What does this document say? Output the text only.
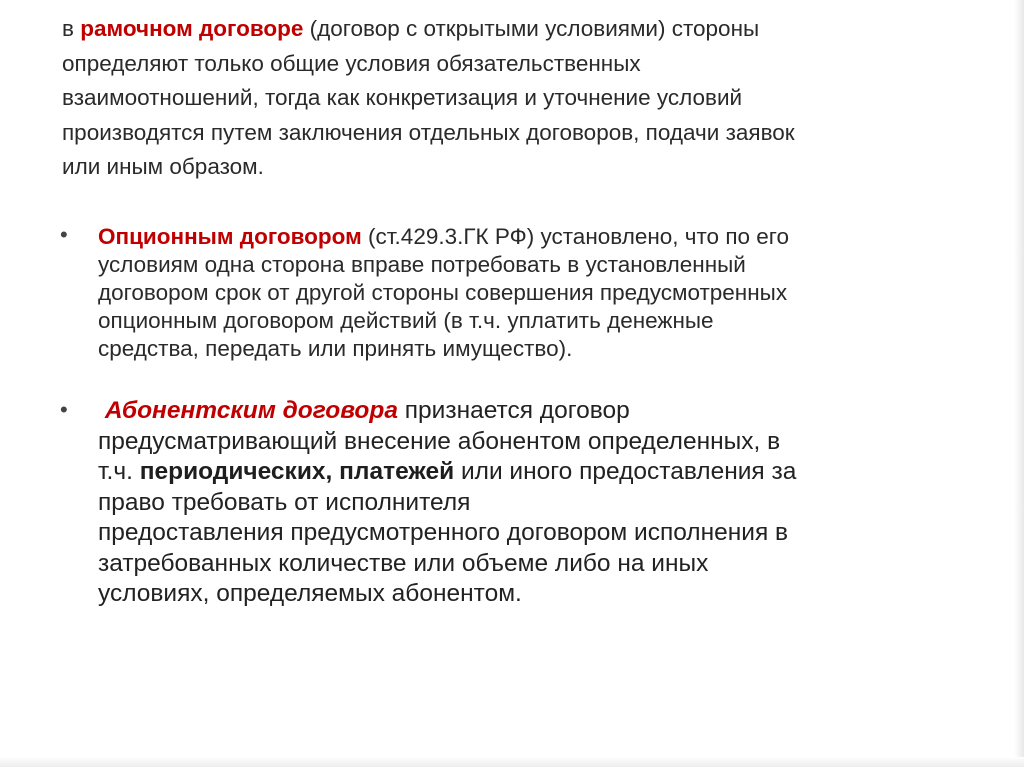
в рамочном договоре (договор с открытыми условиями) стороны
определяют только общие условия обязательственных
взаимоотношений, тогда как конкретизация и уточнение условий
производятся путем заключения отдельных договоров, подачи заявок
или иным образом.
• Опционным договором (ст.429.3.ГК РФ) установлено, что по его
условиям одна сторона вправе потребовать в установленный
договором срок от другой стороны совершения предусмотренных
опционным договором действий (в т.ч. уплатить денежные
средства, передать или принять имущество).
• Абонентским договора признается договор
предусматривающий внесение абонентом определенных, в
т.ч. периодических, платежей или иного предоставления за
право требовать от исполнителя
предоставления предусмотренного договором исполнения в
затребованных количестве или объеме либо на иных
условиях, определяемых абонентом.
